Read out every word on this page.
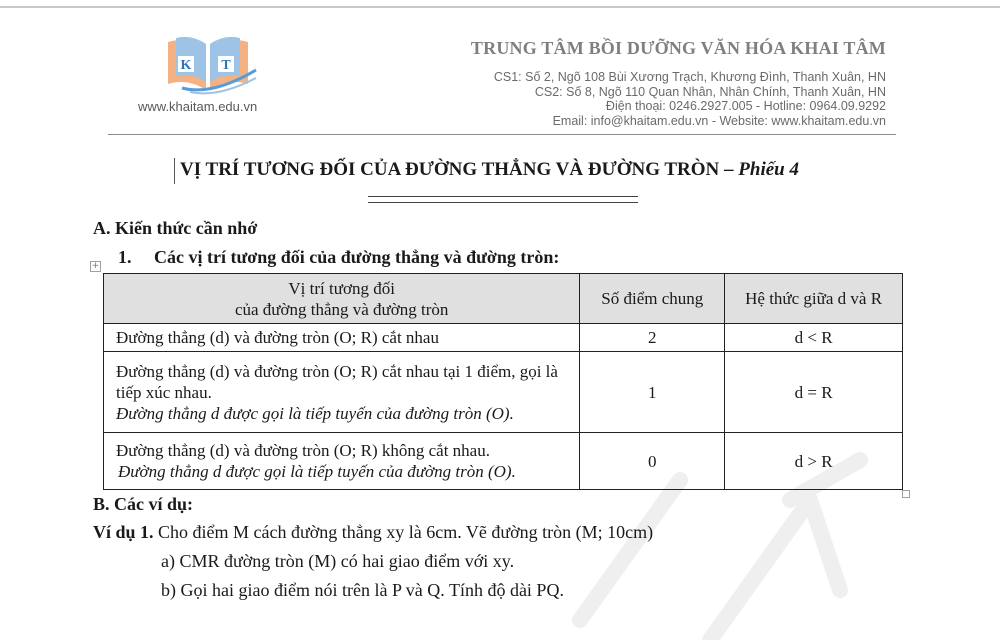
K T
www.khaitam.edu.vn
TRUNG TÂM BỒI DƯỠNG VĂN HÓA KHAI TÂM
CS1: Số 2, Ngõ 108 Bùi Xương Trạch, Khương Đình, Thanh Xuân, HN
CS2: Số 8, Ngõ 110 Quan Nhân, Nhân Chính, Thanh Xuân, HN
Điện thoại: 0246.2927.005 - Hotline: 0964.09.9292
Email: info@khaitam.edu.vn - Website: www.khaitam.edu.vn
VỊ TRÍ TƯƠNG ĐỐI CỦA ĐƯỜNG THẲNG VÀ ĐƯỜNG TRÒN – Phiếu 4
A. Kiến thức cần nhớ
+ 1. Các vị trí tương đối của đường thẳng và đường tròn:
Vị trí tương đối
của đường thẳng và đường tròn	Số điểm chung	Hệ thức giữa d và R
Đường thẳng (d) và đường tròn (O; R) cắt nhau	2	d < R

Đường thẳng (d) và đường tròn (O; R) cắt nhau tại 1 điểm, gọi là tiếp xúc nhau.
Đường thẳng d được gọi là tiếp tuyến của đường tròn (O).	1	d = R

Đường thẳng (d) và đường tròn (O; R) không cắt nhau.
Đường thẳng d được gọi là tiếp tuyến của đường tròn (O).	0	d > R
B. Các ví dụ:
Ví dụ 1. Cho điểm M cách đường thẳng xy là 6cm. Vẽ đường tròn (M; 10cm)
a) CMR đường tròn (M) có hai giao điểm với xy.
b) Gọi hai giao điểm nói trên là P và Q. Tính độ dài PQ.
